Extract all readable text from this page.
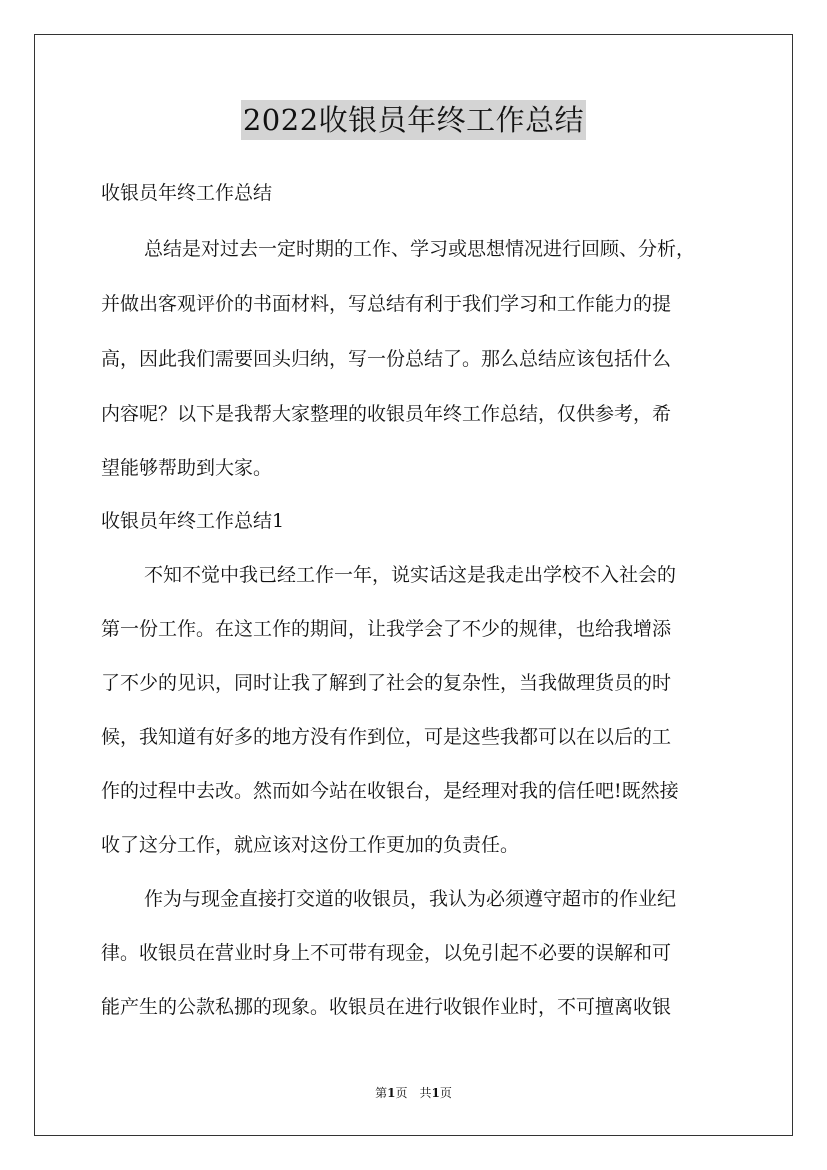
2022收银员年终工作总结
收银员年终工作总结
总结是对过去一定时期的工作、学习或思想情况进行回顾、分析，
并做出客观评价的书面材料，写总结有利于我们学习和工作能力的提
高，因此我们需要回头归纳，写一份总结了。那么总结应该包括什么
内容呢？以下是我帮大家整理的收银员年终工作总结，仅供参考，希
望能够帮助到大家。
收银员年终工作总结1
不知不觉中我已经工作一年，说实话这是我走出学校不入社会的
第一份工作。在这工作的期间，让我学会了不少的规律，也给我增添
了不少的见识，同时让我了解到了社会的复杂性，当我做理货员的时
候，我知道有好多的地方没有作到位，可是这些我都可以在以后的工
作的过程中去改。然而如今站在收银台，是经理对我的信任吧!既然接
收了这分工作，就应该对这份工作更加的负责任。
作为与现金直接打交道的收银员，我认为必须遵守超市的作业纪
律。收银员在营业时身上不可带有现金，以免引起不必要的误解和可
能产生的公款私挪的现象。收银员在进行收银作业时，不可擅离收银
第1页　共1页
